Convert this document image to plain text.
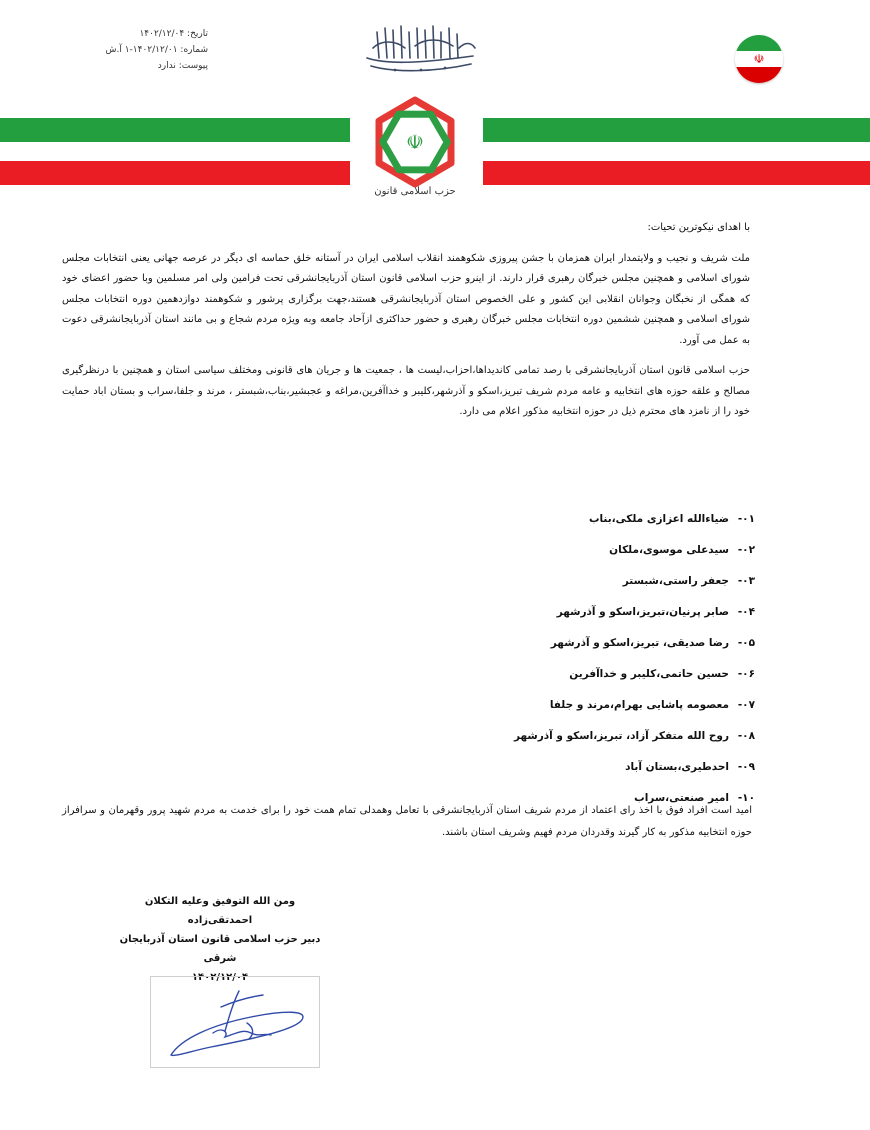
تاریخ: ۱۴۰۲/۱۲/۰۴
شماره: ۱۴۰۲/۱۲/۰۱-۱ آ.ش
پیوست: ندارد	☫
☫
حزب اسلامی قانون
با اهدای نیکوترین تحیات:
ملت شریف و نجیب و ولایتمدار ایران همزمان با جشن پیروزی شکوهمند انقلاب اسلامی ایران در آستانه خلق حماسه ای دیگر در عرصه جهانی یعنی انتخابات مجلس شورای اسلامی و همچنین مجلس خبرگان رهبری قرار دارند. از اینرو حزب اسلامی قانون استان آذربایجانشرقی تحت فرامین ولی امر مسلمین وبا حضور اعضای خود که همگی از نخبگان وجوانان انقلابی این کشور و علی الخصوص استان آذربایجانشرقی هستند،جهت برگزاری پرشور و شکوهمند دوازدهمین دوره انتخابات مجلس شورای اسلامی و همچنین ششمین دوره انتخابات مجلس خبرگان رهبری و حضور حداکثری ازآحاد جامعه وبه ویژه مردم شجاع و بی مانند استان آذربایجانشرقی دعوت به عمل می آورد.
حزب اسلامی قانون استان آذربایجانشرقی با رصد تمامی کاندیداها،احزاب،لیست ها ، جمعیت ها و جریان های قانونی ومختلف سیاسی استان و همچنین با درنظرگیری مصالح و علقه حوزه های انتخابیه و عامه مردم شریف تبریز،اسکو و آذرشهر،کلیبر و خداآفرین،مراغه و عجبشیر،بناب،شبستر ، مرند و جلفا،سراب و بستان اباد حمایت خود را از نامزد های محترم ذیل در حوزه انتخابیه مذکور اعلام می دارد.
۰۱-ضیاءالله اعزازی ملکی،بناب
۰۲-سیدعلی موسوی،ملکان
۰۳-جعفر راستی،شبستر
۰۴-صابر پرنیان،تبریز،اسکو و آذرشهر
۰۵-رضا صدیقی، تبریز،اسکو و آذرشهر
۰۶-حسین حاتمی،کلیبر و خداآفرین
۰۷-معصومه پاشایی بهرام،مرند و جلفا
۰۸-روح الله متفکر آزاد، تبریز،اسکو و آذرشهر
۰۹-احدطیری،بستان آباد
۱۰-امیر صنعتی،سراب
امید است افراد فوق با اخذ رای اعتماد از مردم شریف استان آذربایجانشرقی با تعامل وهمدلی تمام همت خود را برای خدمت به مردم شهید پرور وقهرمان و سرافراز حوزه انتخابیه مذکور به کار گیرند وقدردان مردم فهیم وشریف استان باشند.
ومن الله التوفیق وعلیه التکلان
احمدتقی‌زاده
دبیر حزب اسلامی قانون استان آذربایجان شرقی
۱۴۰۲/۱۲/۰۴
